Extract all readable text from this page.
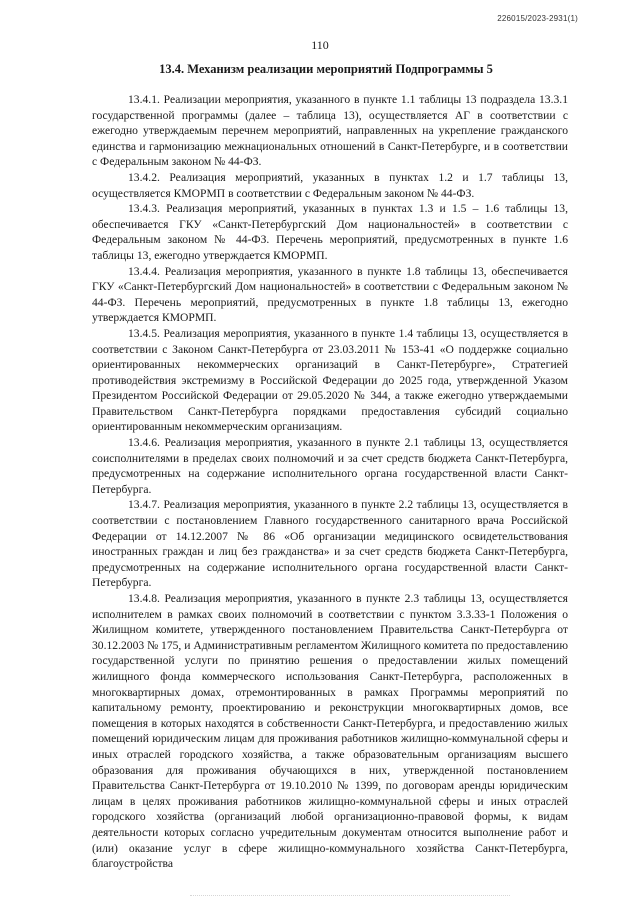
226015/2023-2931(1)
110
13.4. Механизм реализации мероприятий Подпрограммы 5

13.4.1. Реализации мероприятия, указанного в пункте 1.1 таблицы 13 подраздела 13.3.1 государственной программы (далее – таблица 13), осуществляется АГ в соответствии с ежегодно утверждаемым перечнем мероприятий, направленных на укрепление гражданского единства и гармонизацию межнациональных отношений в Санкт-Петербурге, и в соответствии с Федеральным законом № 44-ФЗ.

13.4.2. Реализация мероприятий, указанных в пунктах 1.2 и 1.7 таблицы 13, осуществляется КМОРМП в соответствии с Федеральным законом № 44-ФЗ.

13.4.3. Реализация мероприятий, указанных в пунктах 1.3 и 1.5 – 1.6 таблицы 13, обеспечивается ГКУ «Санкт-Петербургский Дом национальностей» в соответствии с Федеральным законом № 44-ФЗ. Перечень мероприятий, предусмотренных в пункте 1.6 таблицы 13, ежегодно утверждается КМОРМП.

13.4.4. Реализация мероприятия, указанного в пункте 1.8 таблицы 13, обеспечивается ГКУ «Санкт-Петербургский Дом национальностей» в соответствии с Федеральным законом № 44-ФЗ. Перечень мероприятий, предусмотренных в пункте 1.8 таблицы 13, ежегодно утверждается КМОРМП.

13.4.5. Реализация мероприятия, указанного в пункте 1.4 таблицы 13, осуществляется в соответствии с Законом Санкт-Петербурга от 23.03.2011 № 153-41 «О поддержке социально ориентированных некоммерческих организаций в Санкт-Петербурге», Стратегией противодействия экстремизму в Российской Федерации до 2025 года, утвержденной Указом Президентом Российской Федерации от 29.05.2020 № 344, а также ежегодно утверждаемыми Правительством Санкт-Петербурга порядками предоставления субсидий социально ориентированным некоммерческим организациям.

13.4.6. Реализация мероприятия, указанного в пункте 2.1 таблицы 13, осуществляется соисполнителями в пределах своих полномочий и за счет средств бюджета Санкт-Петербурга, предусмотренных на содержание исполнительного органа государственной власти Санкт-Петербурга.

13.4.7. Реализация мероприятия, указанного в пункте 2.2 таблицы 13, осуществляется в соответствии с постановлением Главного государственного санитарного врача Российской Федерации от 14.12.2007 № 86 «Об организации медицинского освидетельствования иностранных граждан и лиц без гражданства» и за счет средств бюджета Санкт-Петербурга, предусмотренных на содержание исполнительного органа государственной власти Санкт-Петербурга.

13.4.8. Реализация мероприятия, указанного в пункте 2.3 таблицы 13, осуществляется исполнителем в рамках своих полномочий в соответствии с пунктом 3.3.33-1 Положения о Жилищном комитете, утвержденного постановлением Правительства Санкт-Петербурга от 30.12.2003 № 175, и Административным регламентом Жилищного комитета по предоставлению государственной услуги по принятию решения о предоставлении жилых помещений жилищного фонда коммерческого использования Санкт-Петербурга, расположенных в многоквартирных домах, отремонтированных в рамках Программы мероприятий по капитальному ремонту, проектированию и реконструкции многоквартирных домов, все помещения в которых находятся в собственности Санкт-Петербурга, и предоставлению жилых помещений юридическим лицам для проживания работников жилищно-коммунальной сферы и иных отраслей городского хозяйства, а также образовательным организациям высшего образования для проживания обучающихся в них, утвержденной постановлением Правительства Санкт-Петербурга от 19.10.2010 № 1399, по договорам аренды юридическим лицам в целях проживания работников жилищно-коммунальной сферы и иных отраслей городского хозяйства (организаций любой организационно-правовой формы, к видам деятельности которых согласно учредительным документам относится выполнение работ и (или) оказание услуг в сфере жилищно-коммунального хозяйства Санкт-Петербурга, благоустройства
